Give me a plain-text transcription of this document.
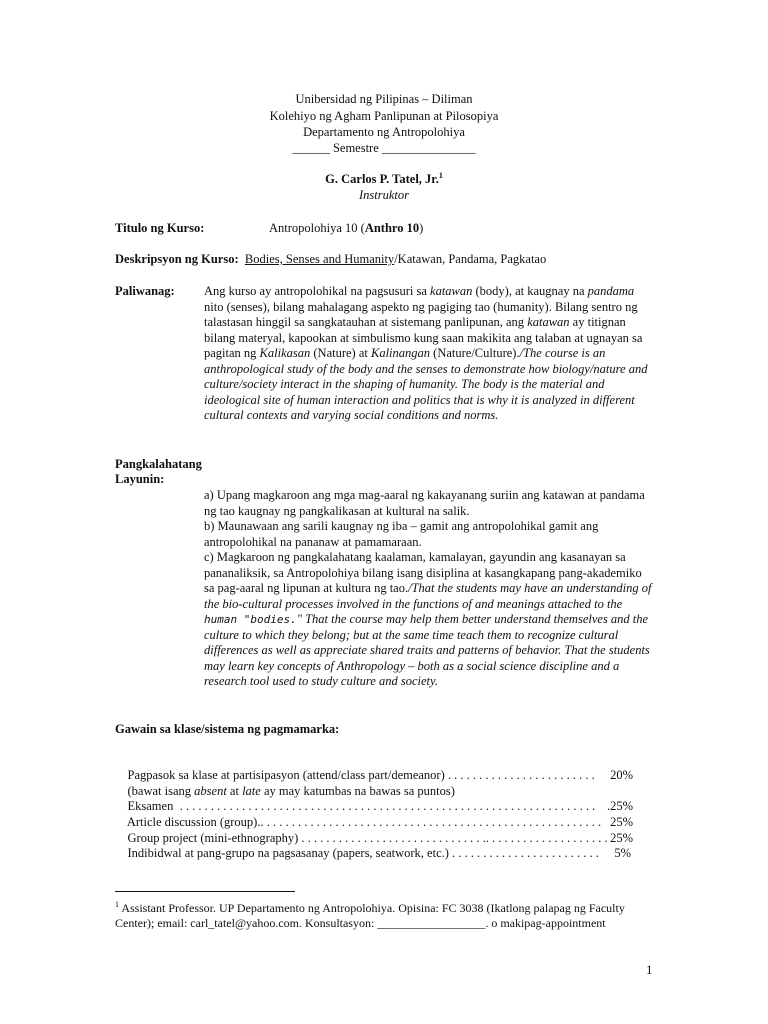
Unibersidad ng Pilipinas – Diliman
Kolehiyo ng Agham Panlipunan at Pilosopiya
Departamento ng Antropolohiya
______ Semestre _______________
G. Carlos P. Tatel, Jr.$^1$
Instruktor
Titulo ng Kurso:	Antropolohiya 10 (Anthro 10)
Deskripsyon ng Kurso: Bodies, Senses and Humanity/Katawan, Pandama, Pagkatao
Paliwanag: Ang kurso ay antropolohikal na pagsusuri sa katawan (body), at kaugnay na pandama nito (senses), bilang mahalagang aspekto ng pagiging tao (humanity). Bilang sentro ng talastasan hinggil sa sangkatauhan at sistemang panlipunan, ang katawan ay titignan bilang materyal, kapookan at simbulismo kung saan makikita ang talaban at ugnayan sa pagitan ng Kalikasan (Nature) at Kalinangan (Nature/Culture)./The course is an anthropological study of the body and the senses to demonstrate how biology/nature and culture/society interact in the shaping of humanity. The body is the material and ideological site of human interaction and politics that is why it is analyzed in different cultural contexts and varying social conditions and norms.

Pangkalahatang
Layunin:

a) Upang magkaroon ang mga mag-aaral ng kakayanang suriin ang katawan at pandama ng tao kaugnay ng pangkalikasan at kultural na salik.

b) Maunawaan ang sarili kaugnay ng iba – gamit ang antropolohikal gamit ang antropolohikal na pananaw at pamamaraan.

c) Magkaroon ng pangkalahatang kaalaman, kamalayan, gayundin ang kasanayan sa pananaliksik, sa Antropolohiya bilang isang disiplina at kasangkapang pang-akademiko sa pag-aaral ng lipunan at kultura ng tao./That the students may have an understanding of the bio-cultural processes involved in the functions of and meanings attached to the human "bodies." That the course may help them better understand themselves and the culture to which they belong; but at the same time teach them to recognize cultural differences as well as appreciate shared traits and patterns of behavior. That the students may learn key concepts of Anthropology – both as a social science discipline and a research tool used to study culture and society.

Gawain sa klase/sistema ng pagmamarka:

Pagpasok sa klase at partisipasyon (attend/class part/demeanor) . . . . . . . . . . . . . . . . . . . . . . . . 20%

(bawat isang absent at late ay may katumbas na bawas sa puntos)

Eksamen  . . . . . . . . . . . . . . . . . . . . . . . . . . . . . . . . . . . . . . . . . . . . . . . . . . . . . . . . . . . . . . . . . . . .25%

Article discussion (group).. . . . . . . . . . . . . . . . . . . . . . . . . . . . . . . . . . . . . . . . . . . . . . . . . . . . . . . 25%

Group project (mini-ethnography) . . . . . . . . . . . . . . . . . . . . . . . . . . . . . .. . . . . . . . . . . . . . . . . . . . 25%

Indibidwal at pang-grupo na pagsasanay (papers, seatwork, etc.) . . . . . . . . . . . . . . . . . . . . . . . . 5%

$^1$ Assistant Professor. UP Departamento ng Antropolohiya. Opisina: FC 3038 (Ikatlong palapag ng Faculty
Center); email: carl_tatel@yahoo.com. Konsultasyon: __________________. o makipag-appointment
1
